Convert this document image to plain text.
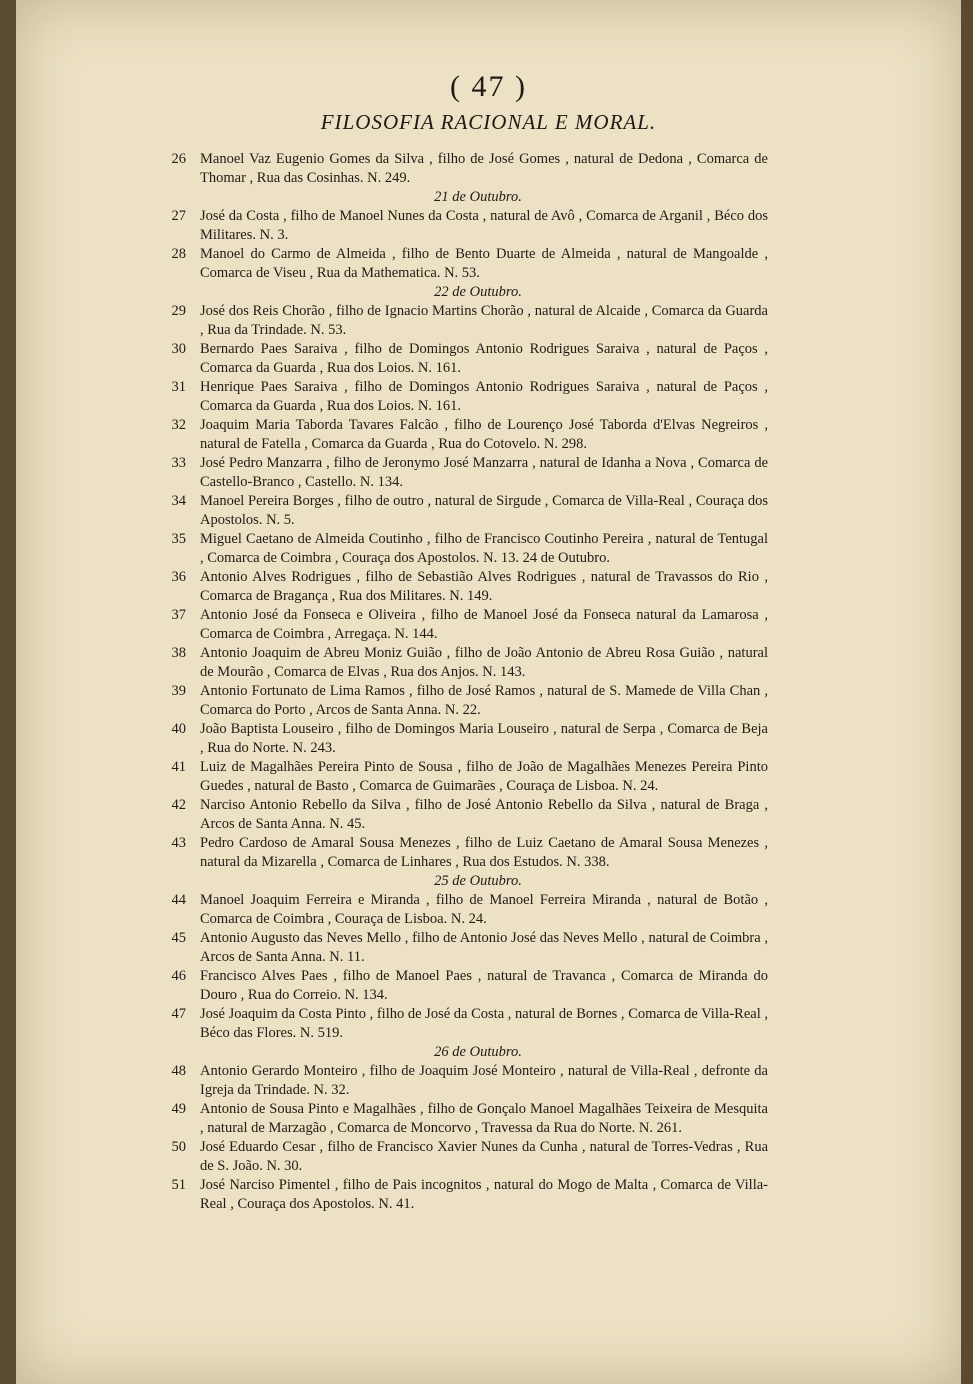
( 47 )
FILOSOFIA RACIONAL E MORAL.
26 Manoel Vaz Eugenio Gomes da Silva , filho de José Gomes , natural de Dedona , Comarca de Thomar , Rua das Cosinhas. N. 249.
21 de Outubro.
27 José da Costa , filho de Manoel Nunes da Costa , natural de Avô , Comarca de Arganil , Béco dos Militares. N. 3.
28 Manoel do Carmo de Almeida , filho de Bento Duarte de Almeida , natural de Mangoalde , Comarca de Viseu , Rua da Mathematica. N. 53.
22 de Outubro.
29 José dos Reis Chorão , filho de Ignacio Martins Chorão , natural de Alcaide , Comarca da Guarda , Rua da Trindade. N. 53.
30 Bernardo Paes Saraiva , filho de Domingos Antonio Rodrigues Saraiva , natural de Paços , Comarca da Guarda , Rua dos Loios. N. 161.
31 Henrique Paes Saraiva , filho de Domingos Antonio Rodrigues Saraiva , natural de Paços , Comarca da Guarda , Rua dos Loios. N. 161.
32 Joaquim Maria Taborda Tavares Falcão , filho de Lourenço José Taborda d'Elvas Negreiros , natural de Fatella , Comarca da Guarda , Rua do Cotovelo. N. 298.
33 José Pedro Manzarra , filho de Jeronymo José Manzarra , natural de Idanha a Nova , Comarca de Castello-Branco , Castello. N. 134.
34 Manoel Pereira Borges , filho de outro , natural de Sirgude , Comarca de Villa-Real , Couraça dos Apostolos. N. 5.
35 Miguel Caetano de Almeida Coutinho , filho de Francisco Coutinho Pereira , natural de Tentugal , Comarca de Coimbra , Couraça dos Apostolos. N. 13. 24 de Outubro.
36 Antonio Alves Rodrigues , filho de Sebastião Alves Rodrigues , natural de Travassos do Rio , Comarca de Bragança , Rua dos Militares. N. 149.
37 Antonio José da Fonseca e Oliveira , filho de Manoel José da Fonseca natural da Lamarosa , Comarca de Coimbra , Arregaça. N. 144.
38 Antonio Joaquim de Abreu Moniz Guião , filho de João Antonio de Abreu Rosa Guião , natural de Mourão , Comarca de Elvas , Rua dos Anjos. N. 143.
39 Antonio Fortunato de Lima Ramos , filho de José Ramos , natural de S. Mamede de Villa Chan , Comarca do Porto , Arcos de Santa Anna. N. 22.
40 João Baptista Louseiro , filho de Domingos Maria Louseiro , natural de Serpa , Comarca de Beja , Rua do Norte. N. 243.
41 Luiz de Magalhães Pereira Pinto de Sousa , filho de João de Magalhães Menezes Pereira Pinto Guedes , natural de Basto , Comarca de Guimarães , Couraça de Lisboa. N. 24.
42 Narciso Antonio Rebello da Silva , filho de José Antonio Rebello da Silva , natural de Braga , Arcos de Santa Anna. N. 45.
43 Pedro Cardoso de Amaral Sousa Menezes , filho de Luiz Caetano de Amaral Sousa Menezes , natural da Mizarella , Comarca de Linhares , Rua dos Estudos. N. 338.
25 de Outubro.
44 Manoel Joaquim Ferreira e Miranda , filho de Manoel Ferreira Miranda , natural de Botão , Comarca de Coimbra , Couraça de Lisboa. N. 24.
45 Antonio Augusto das Neves Mello , filho de Antonio José das Neves Mello , natural de Coimbra , Arcos de Santa Anna. N. 11.
46 Francisco Alves Paes , filho de Manoel Paes , natural de Travanca , Comarca de Miranda do Douro , Rua do Correio. N. 134.
47 José Joaquim da Costa Pinto , filho de José da Costa , natural de Bornes , Comarca de Villa-Real , Béco das Flores. N. 519.
26 de Outubro.
48 Antonio Gerardo Monteiro , filho de Joaquim José Monteiro , natural de Villa-Real , defronte da Igreja da Trindade. N. 32.
49 Antonio de Sousa Pinto e Magalhães , filho de Gonçalo Manoel Magalhães Teixeira de Mesquita , natural de Marzagão , Comarca de Moncorvo , Travessa da Rua do Norte. N. 261.
50 José Eduardo Cesar , filho de Francisco Xavier Nunes da Cunha , natural de Torres-Vedras , Rua de S. João. N. 30.
51 José Narciso Pimentel , filho de Pais incognitos , natural do Mogo de Malta , Comarca de Villa-Real , Couraça dos Apostolos. N. 41.
